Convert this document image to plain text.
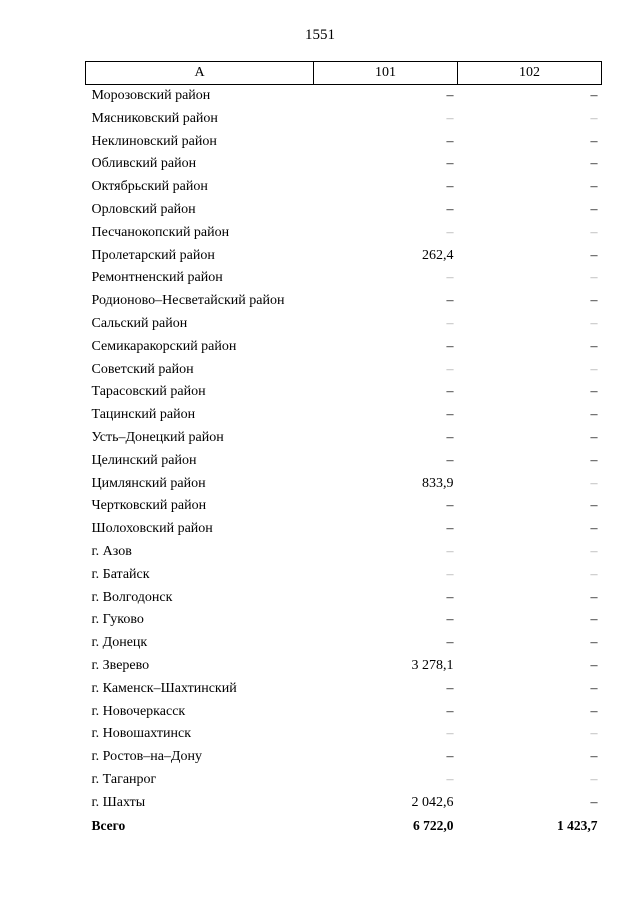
1551
A	101	102
Морозовский район	–	–
Мясниковский район	–	–
Неклиновский район	–	–
Обливский район	–	–
Октябрьский район	–	–
Орловский район	–	–
Песчанокопский район	–	–
Пролетарский район	262,4	–
Ремонтненский район	–	–
Родионово–Несветайский район	–	–
Сальский район	–	–
Семикаракорский район	–	–
Советский район	–	–
Тарасовский район	–	–
Тацинский район	–	–
Усть–Донецкий район	–	–
Целинский район	–	–
Цимлянский район	833,9	–
Чертковский район	–	–
Шолоховский район	–	–
г. Азов	–	–
г. Батайск	–	–
г. Волгодонск	–	–
г. Гуково	–	–
г. Донецк	–	–
г. Зверево	3 278,1	–
г. Каменск–Шахтинский	–	–
г. Новочеркасск	–	–
г. Новошахтинск	–	–
г. Ростов–на–Дону	–	–
г. Таганрог	–	–
г. Шахты	2 042,6	–
Всего	6 722,0	1 423,7
